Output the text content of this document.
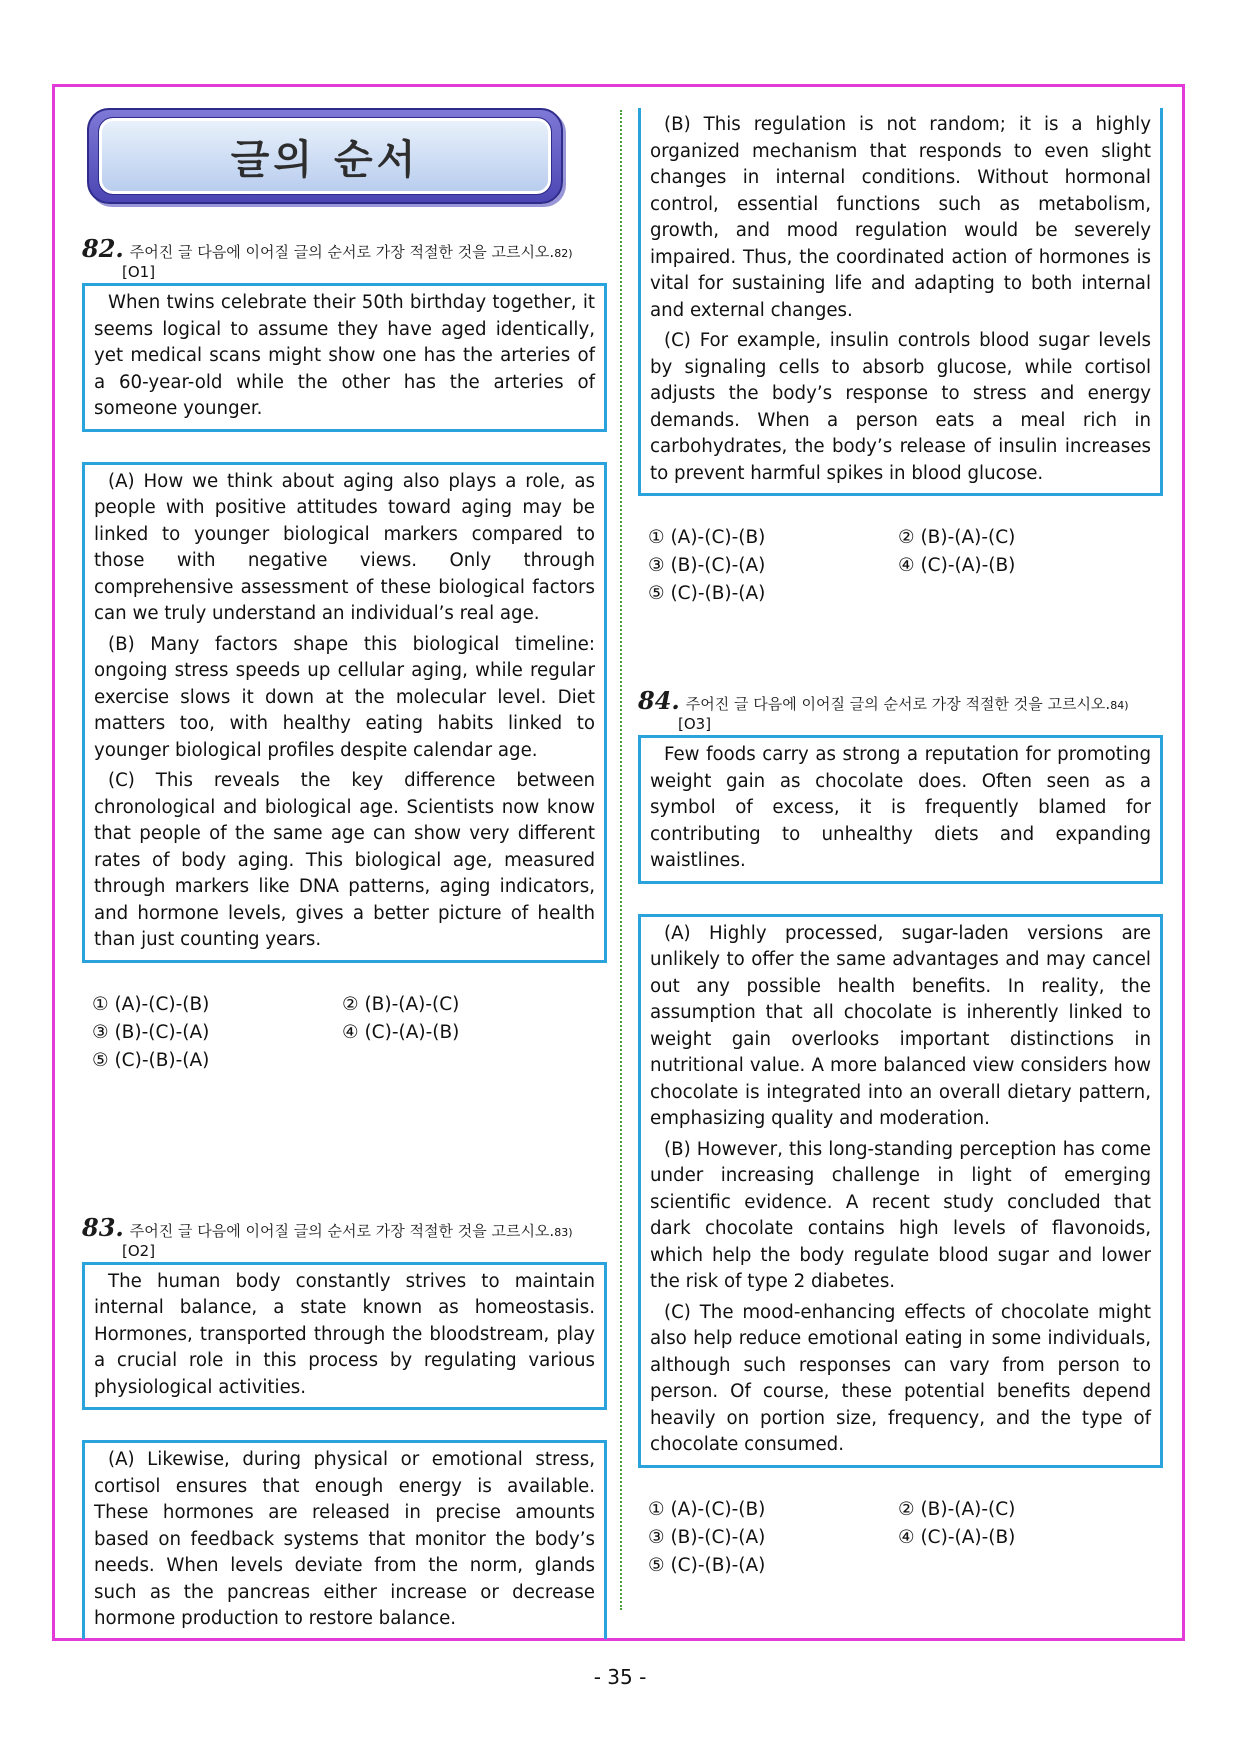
글의 순서
82. 주어진 글 다음에 이어질 글의 순서로 가장 적절한 것을 고르시오. 82)
[O1]

When twins celebrate their 50th birthday together, it seems logical to assume they have aged identically, yet medical scans might show one has the arteries of a 60-year-old while the other has the arteries of someone younger.

(A) How we think about aging also plays a role, as people with positive attitudes toward aging may be linked to younger biological markers compared to those with negative views. Only through comprehensive assessment of these biological factors can we truly understand an individual’s real age.

(B) Many factors shape this biological timeline: ongoing stress speeds up cellular aging, while regular exercise slows it down at the molecular level. Diet matters too, with healthy eating habits linked to younger biological profiles despite calendar age.

(C) This reveals the key difference between chronological and biological age. Scientists now know that people of the same age can show very different rates of body aging. This biological age, measured through markers like DNA patterns, aging indicators, and hormone levels, gives a better picture of health than just counting years.

① (A)-(C)-(B)	② (B)-(A)-(C)
③ (B)-(C)-(A)	④ (C)-(A)-(B)
⑤ (C)-(B)-(A)
83. 주어진 글 다음에 이어질 글의 순서로 가장 적절한 것을 고르시오. 83)
[O2]

The human body constantly strives to maintain internal balance, a state known as homeostasis. Hormones, transported through the bloodstream, play a crucial role in this process by regulating various physiological activities.

(A) Likewise, during physical or emotional stress, cortisol ensures that enough energy is available. These hormones are released in precise amounts based on feedback systems that monitor the body’s needs. When levels deviate from the norm, glands such as the pancreas either increase or decrease hormone production to restore balance.

(B) This regulation is not random; it is a highly organized mechanism that responds to even slight changes in internal conditions. Without hormonal control, essential functions such as metabolism, growth, and mood regulation would be severely impaired. Thus, the coordinated action of hormones is vital for sustaining life and adapting to both internal and external changes.

(C) For example, insulin controls blood sugar levels by signaling cells to absorb glucose, while cortisol adjusts the body’s response to stress and energy demands. When a person eats a meal rich in carbohydrates, the body’s release of insulin increases to prevent harmful spikes in blood glucose.

① (A)-(C)-(B)	② (B)-(A)-(C)
③ (B)-(C)-(A)	④ (C)-(A)-(B)
⑤ (C)-(B)-(A)
84. 주어진 글 다음에 이어질 글의 순서로 가장 적절한 것을 고르시오. 84)
[O3]

Few foods carry as strong a reputation for promoting weight gain as chocolate does. Often seen as a symbol of excess, it is frequently blamed for contributing to unhealthy diets and expanding waistlines.

(A) Highly processed, sugar-laden versions are unlikely to offer the same advantages and may cancel out any possible health benefits. In reality, the assumption that all chocolate is inherently linked to weight gain overlooks important distinctions in nutritional value. A more balanced view considers how chocolate is integrated into an overall dietary pattern, emphasizing quality and moderation.

(B) However, this long-standing perception has come under increasing challenge in light of emerging scientific evidence. A recent study concluded that dark chocolate contains high levels of flavonoids, which help the body regulate blood sugar and lower the risk of type 2 diabetes.

(C) The mood-enhancing effects of chocolate might also help reduce emotional eating in some individuals, although such responses can vary from person to person. Of course, these potential benefits depend heavily on portion size, frequency, and the type of chocolate consumed.

① (A)-(C)-(B)	② (B)-(A)-(C)
③ (B)-(C)-(A)	④ (C)-(A)-(B)
⑤ (C)-(B)-(A)
- 35 -
